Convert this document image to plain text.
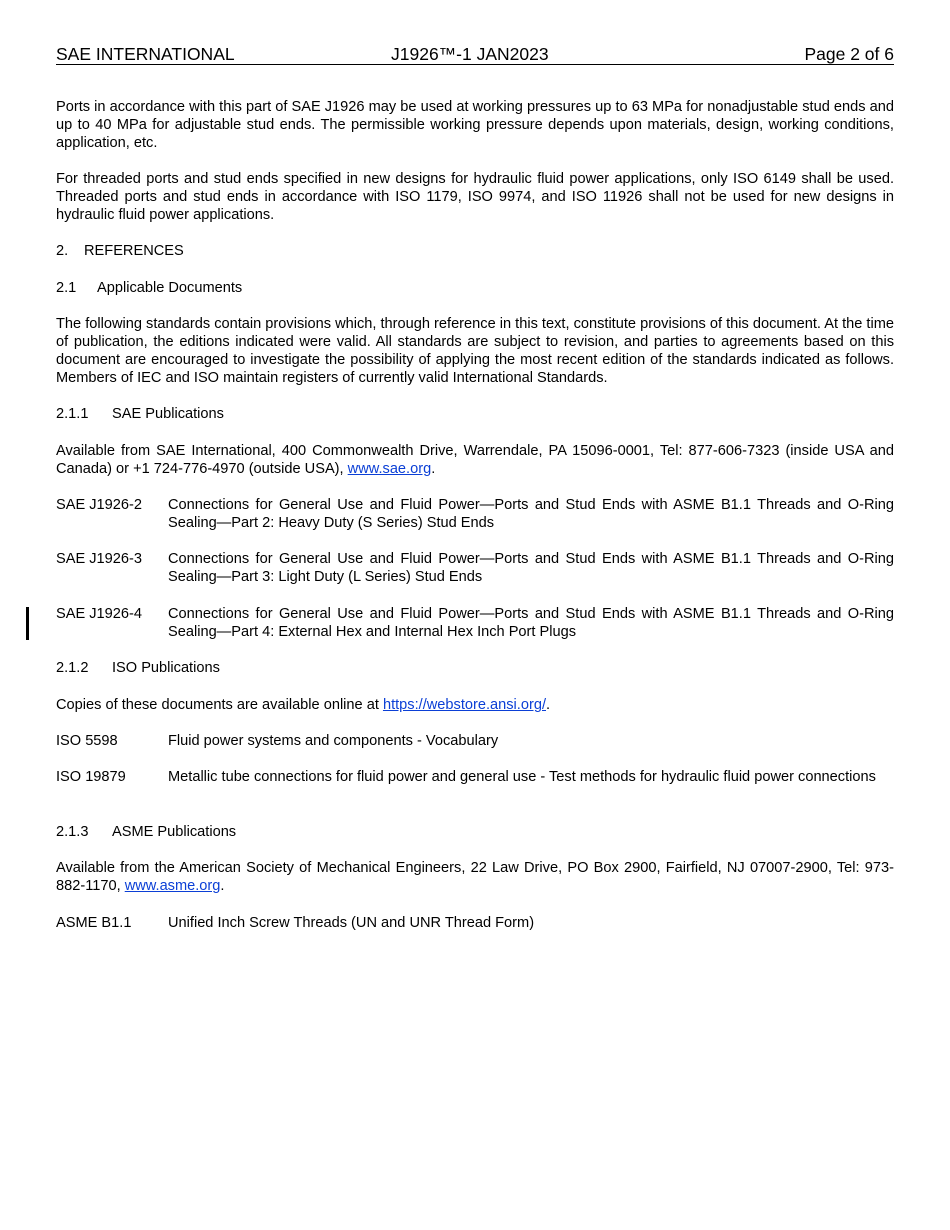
SAE INTERNATIONAL	J1926™-1 JAN2023	Page 2 of 6

Ports in accordance with this part of SAE J1926 may be used at working pressures up to 63 MPa for nonadjustable stud ends and up to 40 MPa for adjustable stud ends. The permissible working pressure depends upon materials, design, working conditions, application, etc.

For threaded ports and stud ends specified in new designs for hydraulic fluid power applications, only ISO 6149 shall be used. Threaded ports and stud ends in accordance with ISO 1179, ISO 9974, and ISO 11926 shall not be used for new designs in hydraulic fluid power applications.

2.	REFERENCES
2.1	Applicable Documents

The following standards contain provisions which, through reference in this text, constitute provisions of this document. At the time of publication, the editions indicated were valid. All standards are subject to revision, and parties to agreements based on this document are encouraged to investigate the possibility of applying the most recent edition of the standards indicated as follows. Members of IEC and ISO maintain registers of currently valid International Standards.

2.1.1	SAE Publications

Available from SAE International, 400 Commonwealth Drive, Warrendale, PA 15096-0001, Tel: 877-606-7323 (inside USA and Canada) or +1 724-776-4970 (outside USA), www.sae.org.

SAE J1926-2	Connections for General Use and Fluid Power—Ports and Stud Ends with ASME B1.1 Threads and O-Ring Sealing—Part 2: Heavy Duty (S Series) Stud Ends
SAE J1926-3	Connections for General Use and Fluid Power—Ports and Stud Ends with ASME B1.1 Threads and O-Ring Sealing—Part 3: Light Duty (L Series) Stud Ends
SAE J1926-4	Connections for General Use and Fluid Power—Ports and Stud Ends with ASME B1.1 Threads and O-Ring Sealing—Part 4: External Hex and Internal Hex Inch Port Plugs
2.1.2	ISO Publications

Copies of these documents are available online at https://webstore.ansi.org/.

ISO 5598	Fluid power systems and components - Vocabulary
ISO 19879	Metallic tube connections for fluid power and general use - Test methods for hydraulic fluid power connections
2.1.3	ASME Publications

Available from the American Society of Mechanical Engineers, 22 Law Drive, PO Box 2900, Fairfield, NJ 07007-2900, Tel: 973-882-1170, www.asme.org.

ASME B1.1	Unified Inch Screw Threads (UN and UNR Thread Form)
